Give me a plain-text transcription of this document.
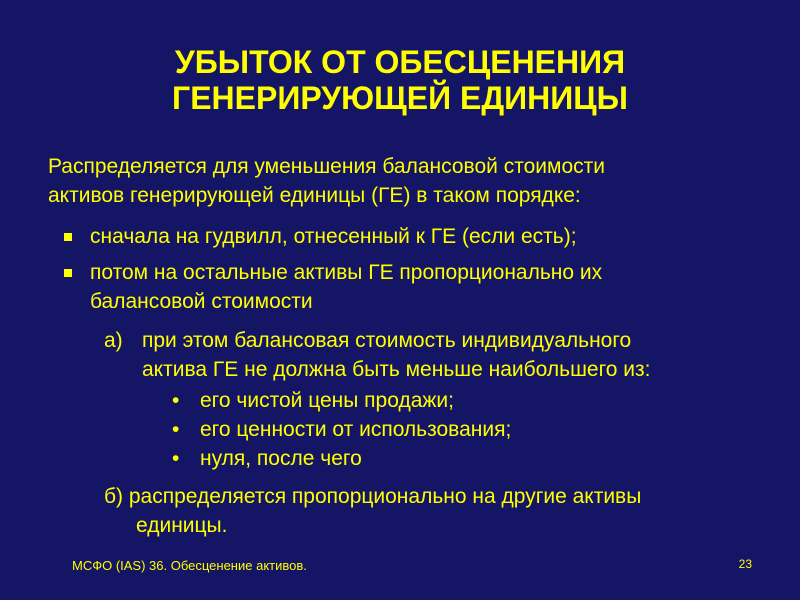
УБЫТОК ОТ ОБЕСЦЕНЕНИЯ
ГЕНЕРИРУЮЩЕЙ ЕДИНИЦЫ
Распределяется для уменьшения балансовой стоимости
активов генерирующей единицы (ГЕ) в таком порядке:
сначала на гудвилл, отнесенный к ГЕ (если есть);
потом на остальные активы ГЕ пропорционально их
балансовой стоимости
а) при этом балансовая стоимость индивидуального
актива ГЕ не должна быть меньше наибольшего из:
• его чистой цены продажи;
• его ценности от использования;
• нуля, после чего
б) распределяется пропорционально на другие активы
единицы.
МСФО (IAS) 36. Обесценение активов.	23
